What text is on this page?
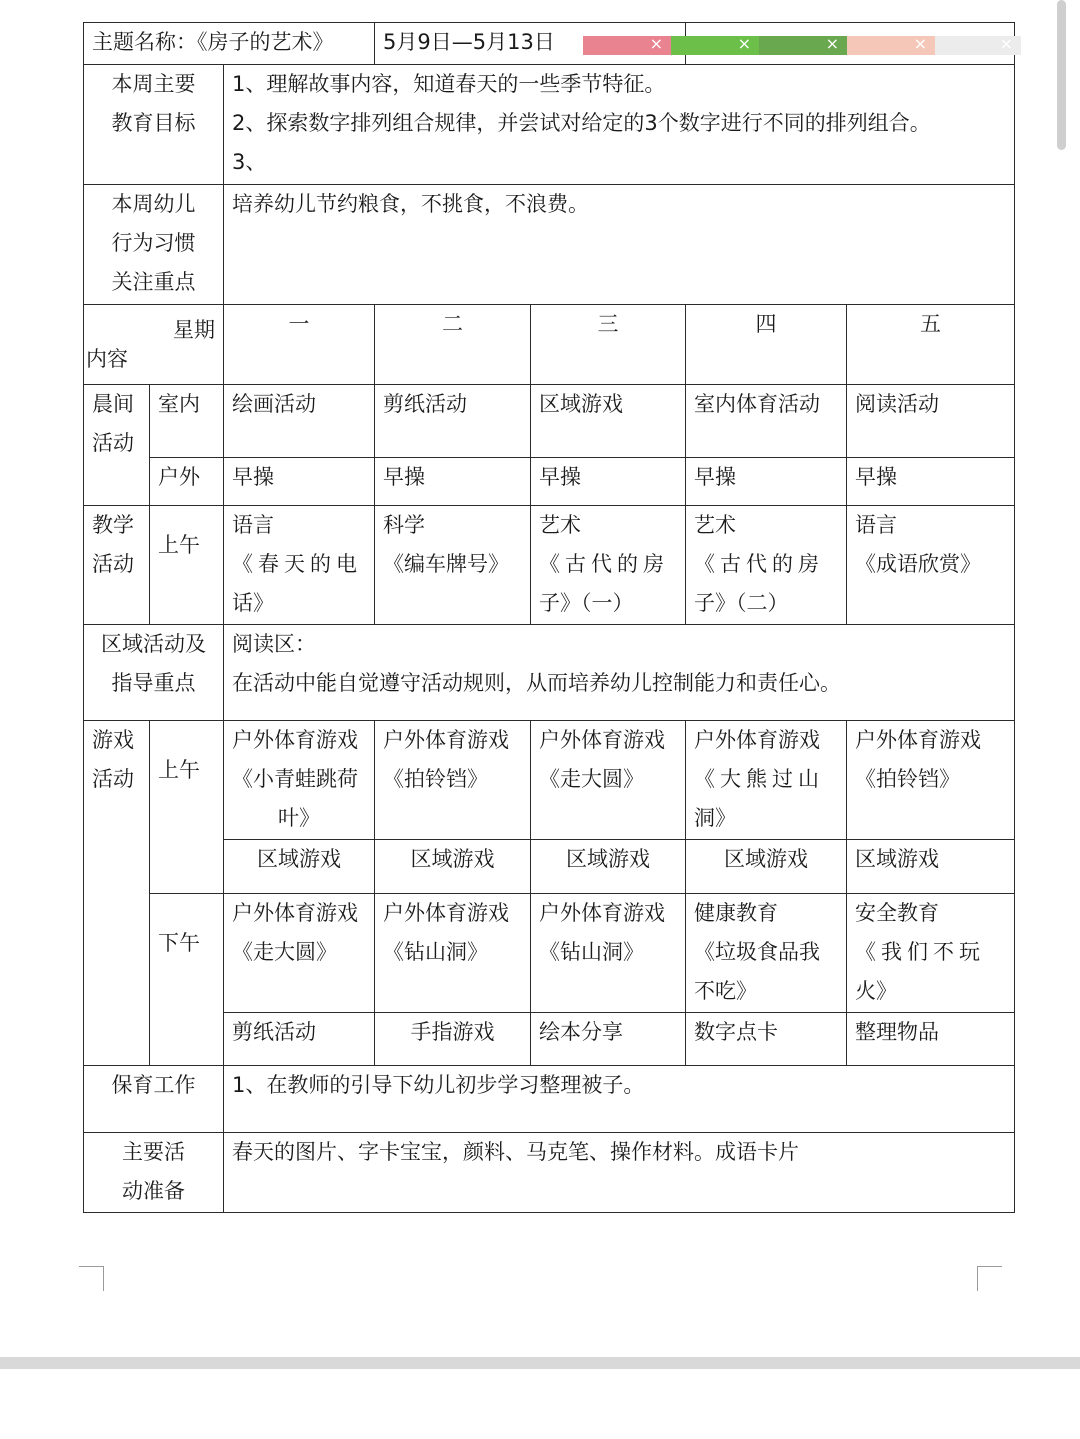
主题名称：《房子的艺术》			5月9日—5月13日			

本周主要
教育目标		1、理解故事内容，知道春天的一些季节特征。
2、探索数字排列组合规律，并尝试对给定的3个数字进行不同的排列组合。
3、				

本周幼儿
行为习惯
关注重点		培养幼儿节约粮食，不挑食，不浪费。				

星期
内容		一	二	三	四	五

晨间
活动	室内	绘画活动	剪纸活动	区域游戏	室内体育活动	阅读活动
	户外	早操	早操	早操	早操	早操

教学
活动	上午	语言
《春天的电
话》	科学
《编车牌号》	艺术
《古代的房
子》（一）	艺术
《古代的房
子》（二）	语言
《成语欣赏》

区域活动及
指导重点		阅读区：
在活动中能自觉遵守活动规则，从而培养幼儿控制能力和责任心。				

游戏
活动	上午	户外体育游戏
《小青蛙跳荷
叶》	户外体育游戏
《拍铃铛》	户外体育游戏
《走大圆》	户外体育游戏
《大熊过山
洞》	户外体育游戏
《拍铃铛》

		区域游戏	区域游戏	区域游戏	区域游戏	区域游戏
	下午	户外体育游戏
《走大圆》	户外体育游戏
《钻山洞》	户外体育游戏
《钻山洞》	健康教育
《垃圾食品我
不吃》	安全教育
《我们不玩
火》

		剪纸活动	手指游戏	绘本分享	数字点卡	整理物品
保育工作		1、在教师的引导下幼儿初步学习整理被子。				

主要活
动准备		春天的图片、字卡宝宝，颜料、马克笔、操作材料。成语卡片				
×	×	×	×	×
